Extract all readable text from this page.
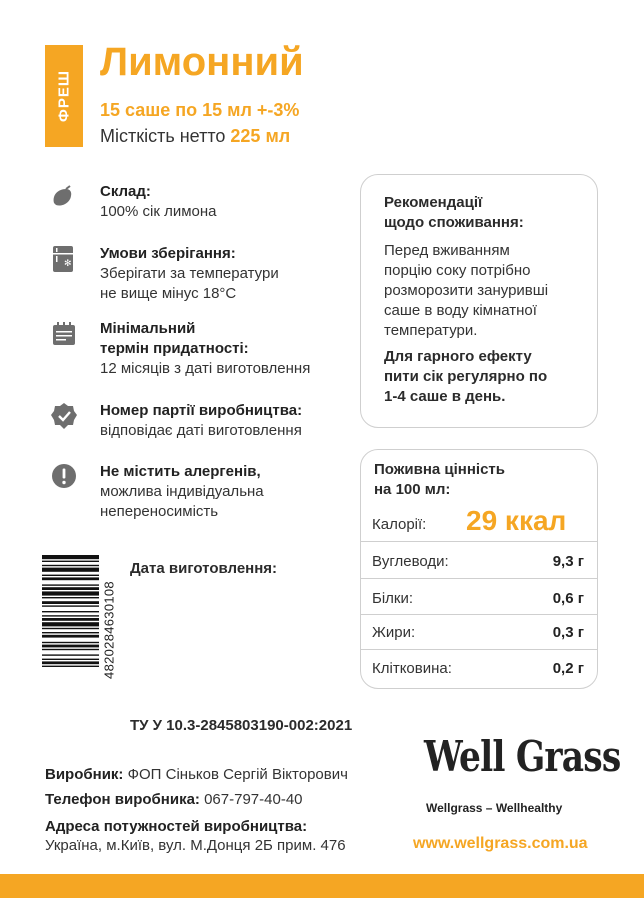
ФРЕШ
Лимонний
15 саше по 15 мл +-3%
Місткість нетто 225 мл
✻
Склад:
100% сік лимона
Умови зберігання:
Зберігати за температури
не вище мінус 18°С
Мінімальний
термін придатності:
12 місяців з даті виготовлення
Номер партії виробництва:
відповідає даті виготовлення
Не містить алергенів,
можлива індивідуальна
непереносимість
Рекомендації
щодо споживання:
Перед вживанням
порцію соку потрібно
розморозити занурившi
саше в воду кімнатної
температури.
Для гарного ефекту
пити сік регулярно по
1-4 саше в день.
Поживна цінність
на 100 мл:
Калорії:	29 ккал
Вуглеводи:	9,3 г
Білки:	0,6 г
Жири:	0,3 г
Клітковина:	0,2 г
4820284630108
Дата виготовлення:
ТУ У 10.3-2845803190-002:2021
Виробник: ФОП Сіньков Сергій Вікторович
Телефон виробника: 067-797-40-40
Адреса потужностей виробництва:
Україна, м.Київ, вул. М.Донця 2Б прим. 476
Well Grass
Wellgrass – Wellhealthy
www.wellgrass.com.ua
